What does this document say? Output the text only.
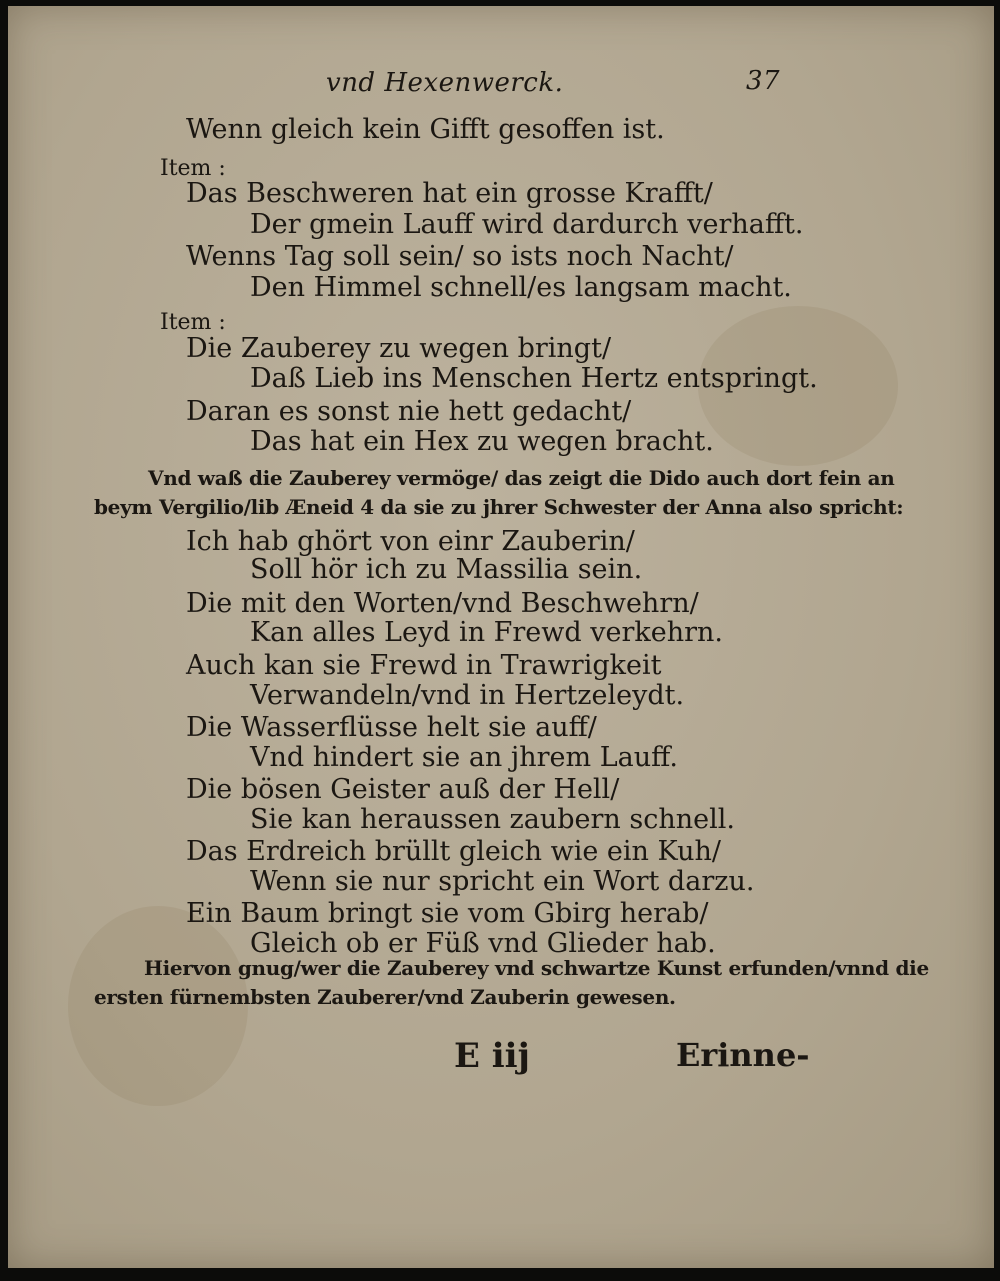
vnd Hexenwerck.	37
Wenn gleich kein Gifft gesoffen ist.
Item :
Das Beschweren hat ein grosse Krafft/
Der gmein Lauff wird dardurch verhafft.
Wenns Tag soll sein/ so ists noch Nacht/
Den Himmel schnell/es langsam macht.
Item :
Die Zauberey zu wegen bringt/
Daß Lieb ins Menschen Hertz entspringt.
Daran es sonst nie hett gedacht/
Das hat ein Hex zu wegen bracht.
Vnd waß die Zauberey vermöge/ das zeigt die Dido auch dort fein an
beym Vergilio/lib Æneid 4 da sie zu jhrer Schwester der Anna also spricht:
Ich hab ghört von einr Zauberin/
Soll hör ich zu Massilia sein.
Die mit den Worten/vnd Beschwehrn/
Kan alles Leyd in Frewd verkehrn.
Auch kan sie Frewd in Trawrigkeit
Verwandeln/vnd in Hertzeleydt.
Die Wasserflüsse helt sie auff/
Vnd hindert sie an jhrem Lauff.
Die bösen Geister auß der Hell/
Sie kan heraussen zaubern schnell.
Das Erdreich brüllt gleich wie ein Kuh/
Wenn sie nur spricht ein Wort darzu.
Ein Baum bringt sie vom Gbirg herab/
Gleich ob er Füß vnd Glieder hab.
Hiervon gnug/wer die Zauberey vnd schwartze Kunst erfunden/vnnd die
ersten fürnembsten Zauberer/vnd Zauberin gewesen.
E iij	Erinne-
